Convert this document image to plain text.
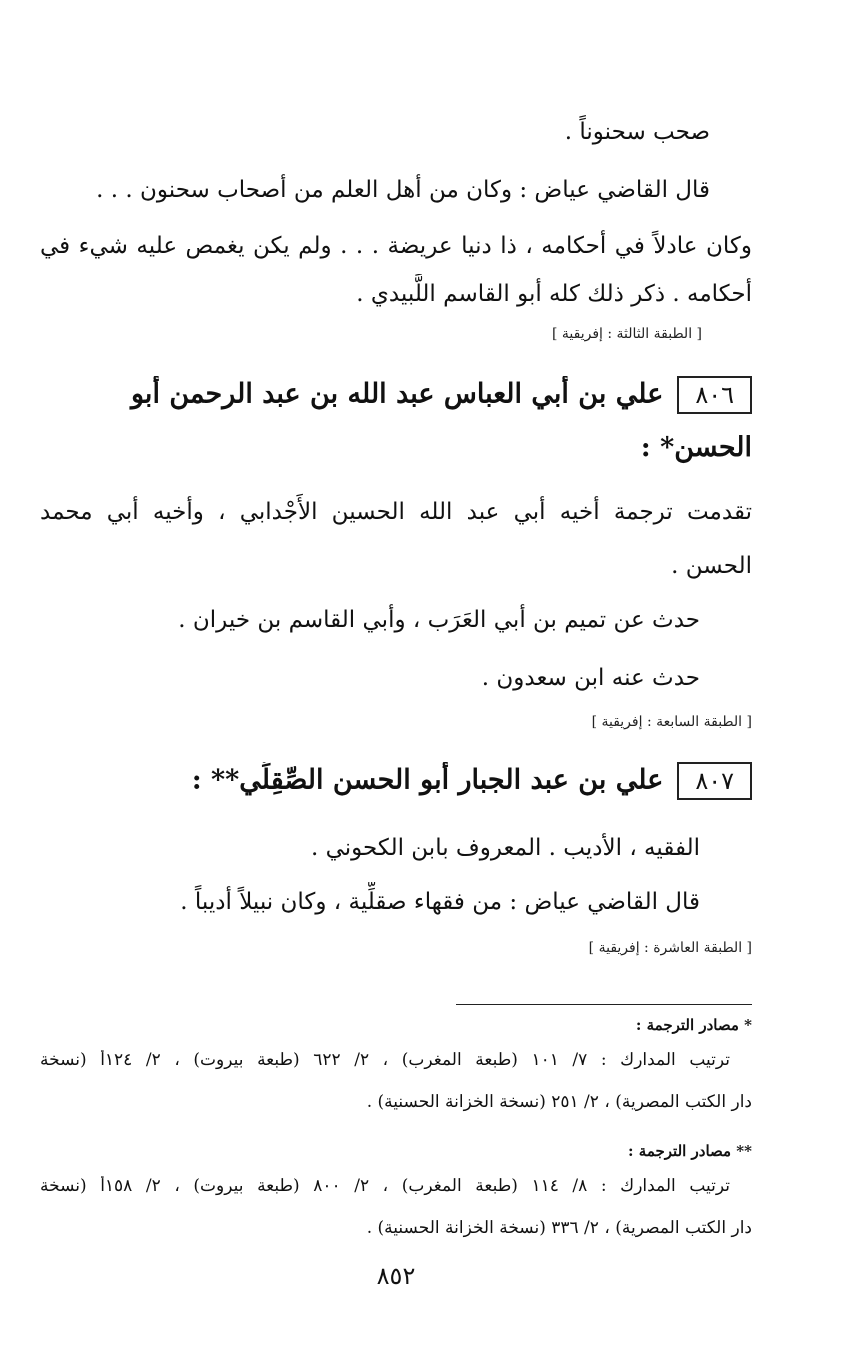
صحب سحنوناً .
قال القاضي عياض : وكان من أهل العلم من أصحاب سحنون . . .
وكان عادلاً في أحكامه ، ذا دنيا عريضة . . . ولم يكن يغمص عليه شيء في
أحكامه . ذكر ذلك كله أبو القاسم اللَّبيدي .
[ الطبقة الثالثة : إفريقية ]
٨٠٦علي بن أبي العباس عبد الله بن عبد الرحمن أبو
الحسن* :
تقدمت ترجمة أخيه أبي عبد الله الحسين الأَجْدابي ، وأخيه أبي محمد
الحسن .
حدث عن تميم بن أبي العَرَب ، وأبي القاسم بن خيران .
حدث عنه ابن سعدون .
[ الطبقة السابعة : إفريقية ]
٨٠٧علي بن عبد الجبار أبو الحسن الصِّقِلِّي** :
الفقيه ، الأديب . المعروف بابن الكحوني .
قال القاضي عياض : من فقهاء صقلِّية ، وكان نبيلاً أديباً .
[ الطبقة العاشرة : إفريقية ]
* مصادر الترجمة :
ترتيب المدارك : ٧/ ١٠١ (طبعة المغرب) ، ٢/ ٦٢٢ (طبعة بيروت) ، ٢/ ١٢٤أ (نسخة
دار الكتب المصرية) ، ٢/ ٢٥١ (نسخة الخزانة الحسنية) .
** مصادر الترجمة :
ترتيب المدارك : ٨/ ١١٤ (طبعة المغرب) ، ٢/ ٨٠٠ (طبعة بيروت) ، ٢/ ١٥٨أ (نسخة
دار الكتب المصرية) ، ٢/ ٣٣٦ (نسخة الخزانة الحسنية) .
٨٥٢
